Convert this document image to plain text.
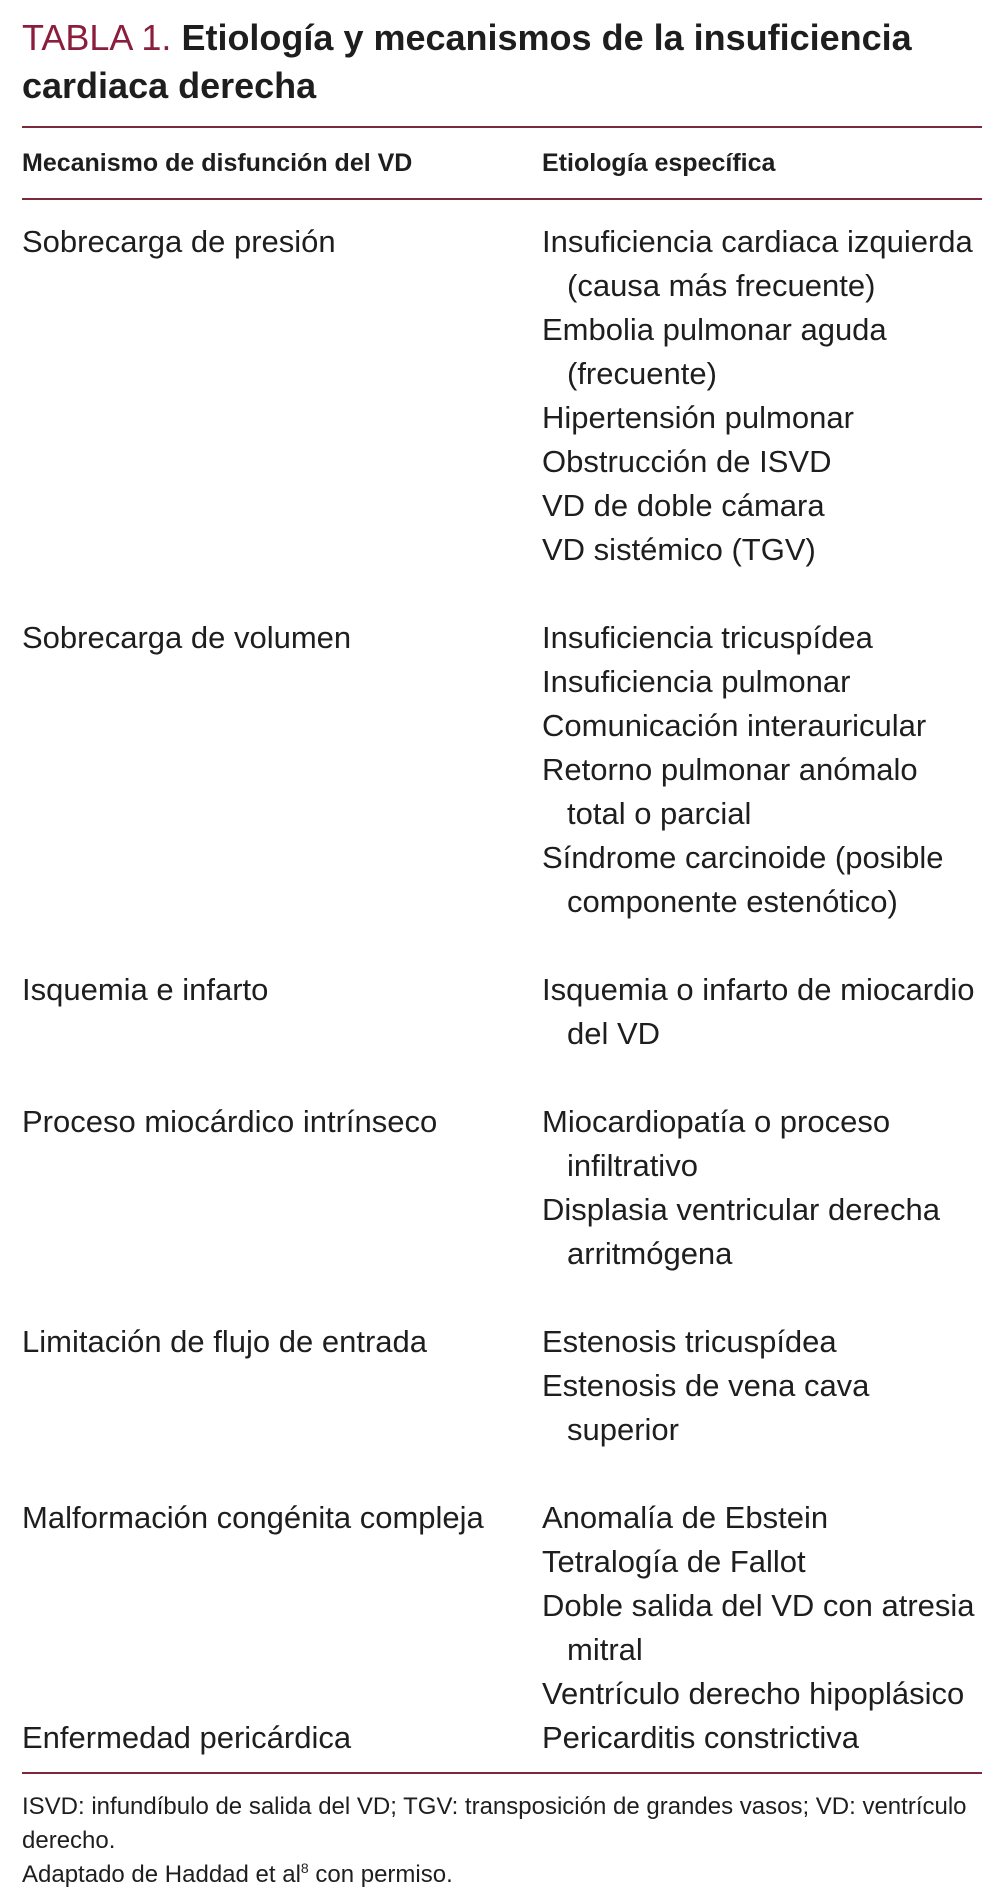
TABLA 1. Etiología y mecanismos de la insuficiencia cardiaca derecha
Mecanismo de disfunción del VD	Etiología específica
Sobrecarga de presión	Insuficiencia cardiaca izquierda (causa más frecuente)
Embolia pulmonar aguda (frecuente)
Hipertensión pulmonar
Obstrucción de ISVD
VD de doble cámara
VD sistémico (TGV)
Sobrecarga de volumen	Insuficiencia tricuspídea
Insuficiencia pulmonar
Comunicación interauricular
Retorno pulmonar anómalo total o parcial
Síndrome carcinoide (posible componente estenótico)
Isquemia e infarto	Isquemia o infarto de miocardio del VD
Proceso miocárdico intrínseco	Miocardiopatía o proceso infiltrativo
Displasia ventricular derecha arritmógena
Limitación de flujo de entrada	Estenosis tricuspídea
Estenosis de vena cava superior
Malformación congénita compleja	Anomalía de Ebstein
Tetralogía de Fallot
Doble salida del VD con atresia mitral
Ventrículo derecho hipoplásico
Enfermedad pericárdica	Pericarditis constrictiva

ISVD: infundíbulo de salida del VD; TGV: transposición de grandes vasos; VD: ventrículo derecho.

Adaptado de Haddad et al$^8$ con permiso.
